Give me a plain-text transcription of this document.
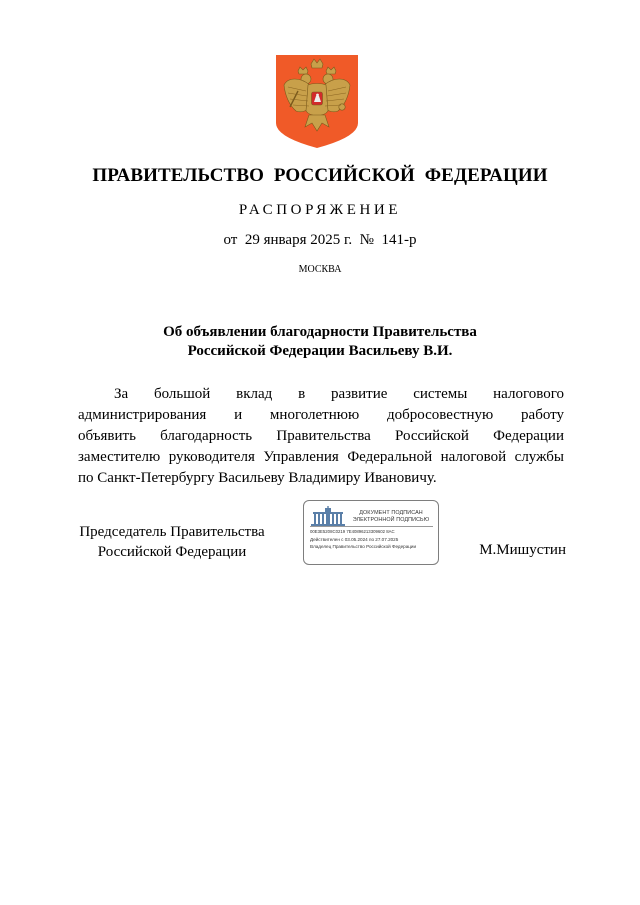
ПРАВИТЕЛЬСТВО РОССИЙСКОЙ ФЕДЕРАЦИИ
РАСПОРЯЖЕНИЕ
от  29 января 2025 г.  №  141-р
МОСКВА
Об объявлении благодарности Правительства
Российской Федерации Васильеву В.И.
За большой вклад в развитие системы налогового
администрирования и многолетнюю добросовестную работу
объявить благодарность Правительства Российской Федерации
заместителю руководителя Управления Федеральной налоговой службы
по Санкт-Петербургу Васильеву Владимиру Ивановичу.
Председатель Правительства
Российской Федерации
ДОКУМЕНТ ПОДПИСАН
ЭЛЕКТРОННОЙ ПОДПИСЬЮ
00E3E5208C0219 7E40896213309602 8AC
Действителен с 03.05.2024 по 27.07.2025
Владелец Правительство Российской Федерации	М.Мишустин
